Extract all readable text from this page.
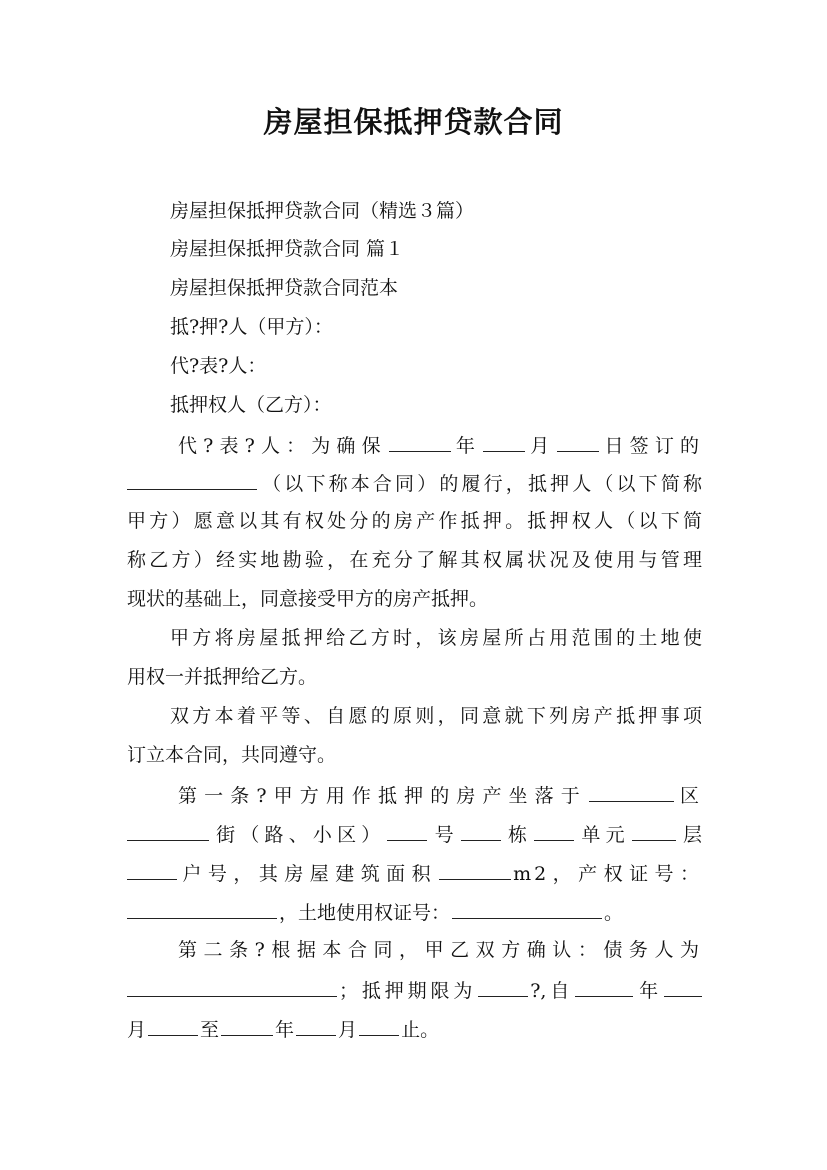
房屋担保抵押贷款合同
房屋担保抵押贷款合同（精选３篇）
房屋担保抵押贷款合同 篇１
房屋担保抵押贷款合同范本
抵?押?人（甲方）：
代?表?人：
抵押权人（乙方）：
代?表?人：为确保	年 月 日签订的
（以下称本合同）的履行，抵押人（以下简称
甲方）愿意以其有权处分的房产作抵押。抵押权人（以下简
称乙方）经实地勘验，在充分了解其权属状况及使用与管理
现状的基础上，同意接受甲方的房产抵押。
甲方将房屋抵押给乙方时，该房屋所占用范围的土地使
用权一并抵押给乙方。
双方本着平等、自愿的原则，同意就下列房产抵押事项
订立本合同，共同遵守。
第一条?甲方用作抵押的房产坐落于	区
街（路、小区） 号 栋 单元	层
户号，其房屋建筑面积	m2，产权证号：
，土地使用权证号：	。
第二条?根据本合同，甲乙双方确认：债务人为
；抵押期限为	?,自	年
月	至	年 月 止。
